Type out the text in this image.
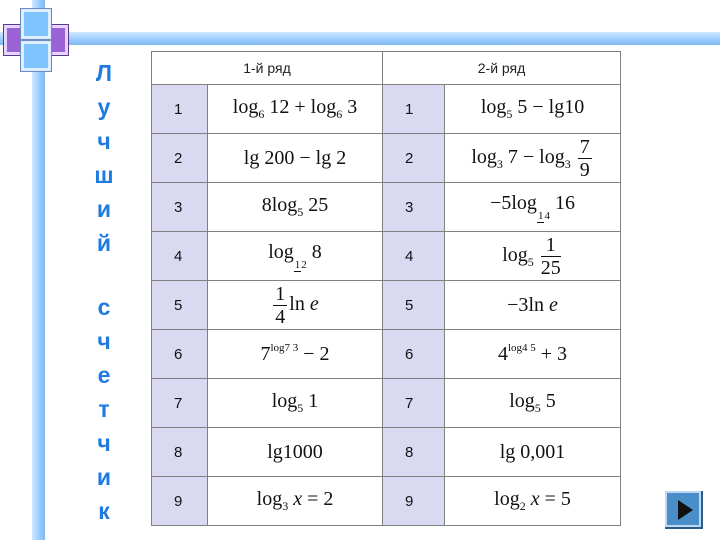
Л
у
ч
ш
и
й
с
ч
е
т
ч
и
к
1-й ряд		2-й ряд	
1	$\log_6 12 + \log_6 3$	1	$\log_5 5 - \lg 10$
2	lg 200 − lg 2	2	$\log_3 7 - \log_3 \frac{7}{9}$

3	$8\log_5$ 25	3	−5log14 16
4	log12 8	4	$\log_5 \frac{1}{25}$

5	$\frac{1}{4}$ ln e	5	−3ln e
6	$7^{log7 3} - 2$	6	$4^{log4 5} + 3$
7	$\log_5 1$	7	$\log_5 5$
8	lg1000	8	lg 0,001
9	$\log_3 x = 2$	9	$\log_2 x = 5$
